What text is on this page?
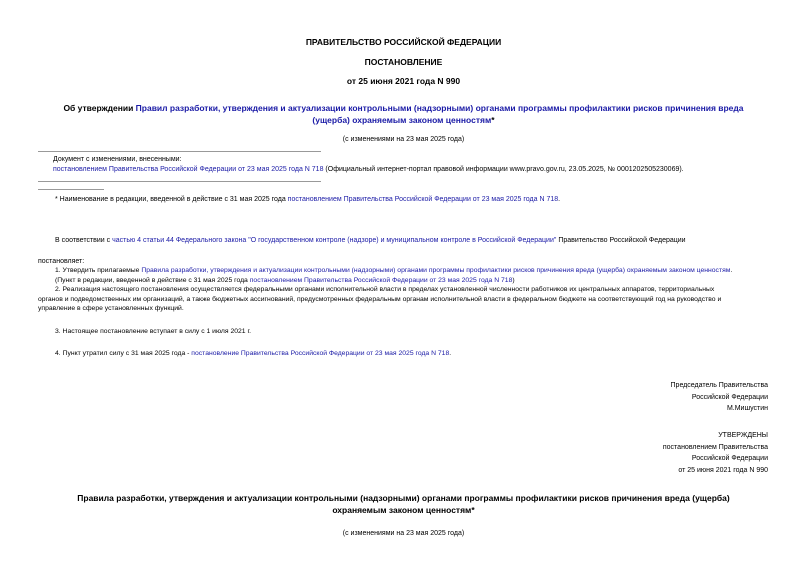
ПРАВИТЕЛЬСТВО РОССИЙСКОЙ ФЕДЕРАЦИИ
ПОСТАНОВЛЕНИЕ
от 25 июня 2021 года N 990
Об утверждении Правил разработки, утверждения и актуализации контрольными (надзорными) органами программы профилактики рисков причинения вреда
(ущерба) охраняемым законом ценностям*
(с изменениями на 23 мая 2025 года)
Документ с изменениями, внесенными:
постановлением Правительства Российской Федерации от 23 мая 2025 года N 718 (Официальный интернет-портал правовой информации www.pravo.gov.ru, 23.05.2025, № 0001202505230069).
* Наименование в редакции, введенной в действие с 31 мая 2025 года постановлением Правительства Российской Федерации от 23 мая 2025 года N 718.
В соответствии с частью 4 статьи 44 Федерального закона "О государственном контроле (надзоре) и муниципальном контроле в Российской Федерации" Правительство Российской Федерации
постановляет:

1. Утвердить прилагаемые Правила разработки, утверждения и актуализации контрольными (надзорными) органами программы профилактики рисков причинения вреда (ущерба) охраняемым законом ценностям.

(Пункт в редакции, введенной в действие с 31 мая 2025 года постановлением Правительства Российской Федерации от 23 мая 2025 года N 718)

2. Реализация настоящего постановления осуществляется федеральными органами исполнительной власти в пределах установленной численности работников их центральных аппаратов, территориальных

органов и подведомственных им организаций, а также бюджетных ассигнований, предусмотренных федеральным органам исполнительной власти в федеральном бюджете на соответствующий год на руководство и

управление в сфере установленных функций.

3. Настоящее постановление вступает в силу с 1 июля 2021 г.
4. Пункт утратил силу с 31 мая 2025 года - постановление Правительства Российской Федерации от 23 мая 2025 года N 718.
Председатель Правительства
Российской Федерации
М.Мишустин
УТВЕРЖДЕНЫ
постановлением Правительства
Российской Федерации
от 25 июня 2021 года N 990
Правила разработки, утверждения и актуализации контрольными (надзорными) органами программы профилактики рисков причинения вреда (ущерба)
охраняемым законом ценностям*
(с изменениями на 23 мая 2025 года)
